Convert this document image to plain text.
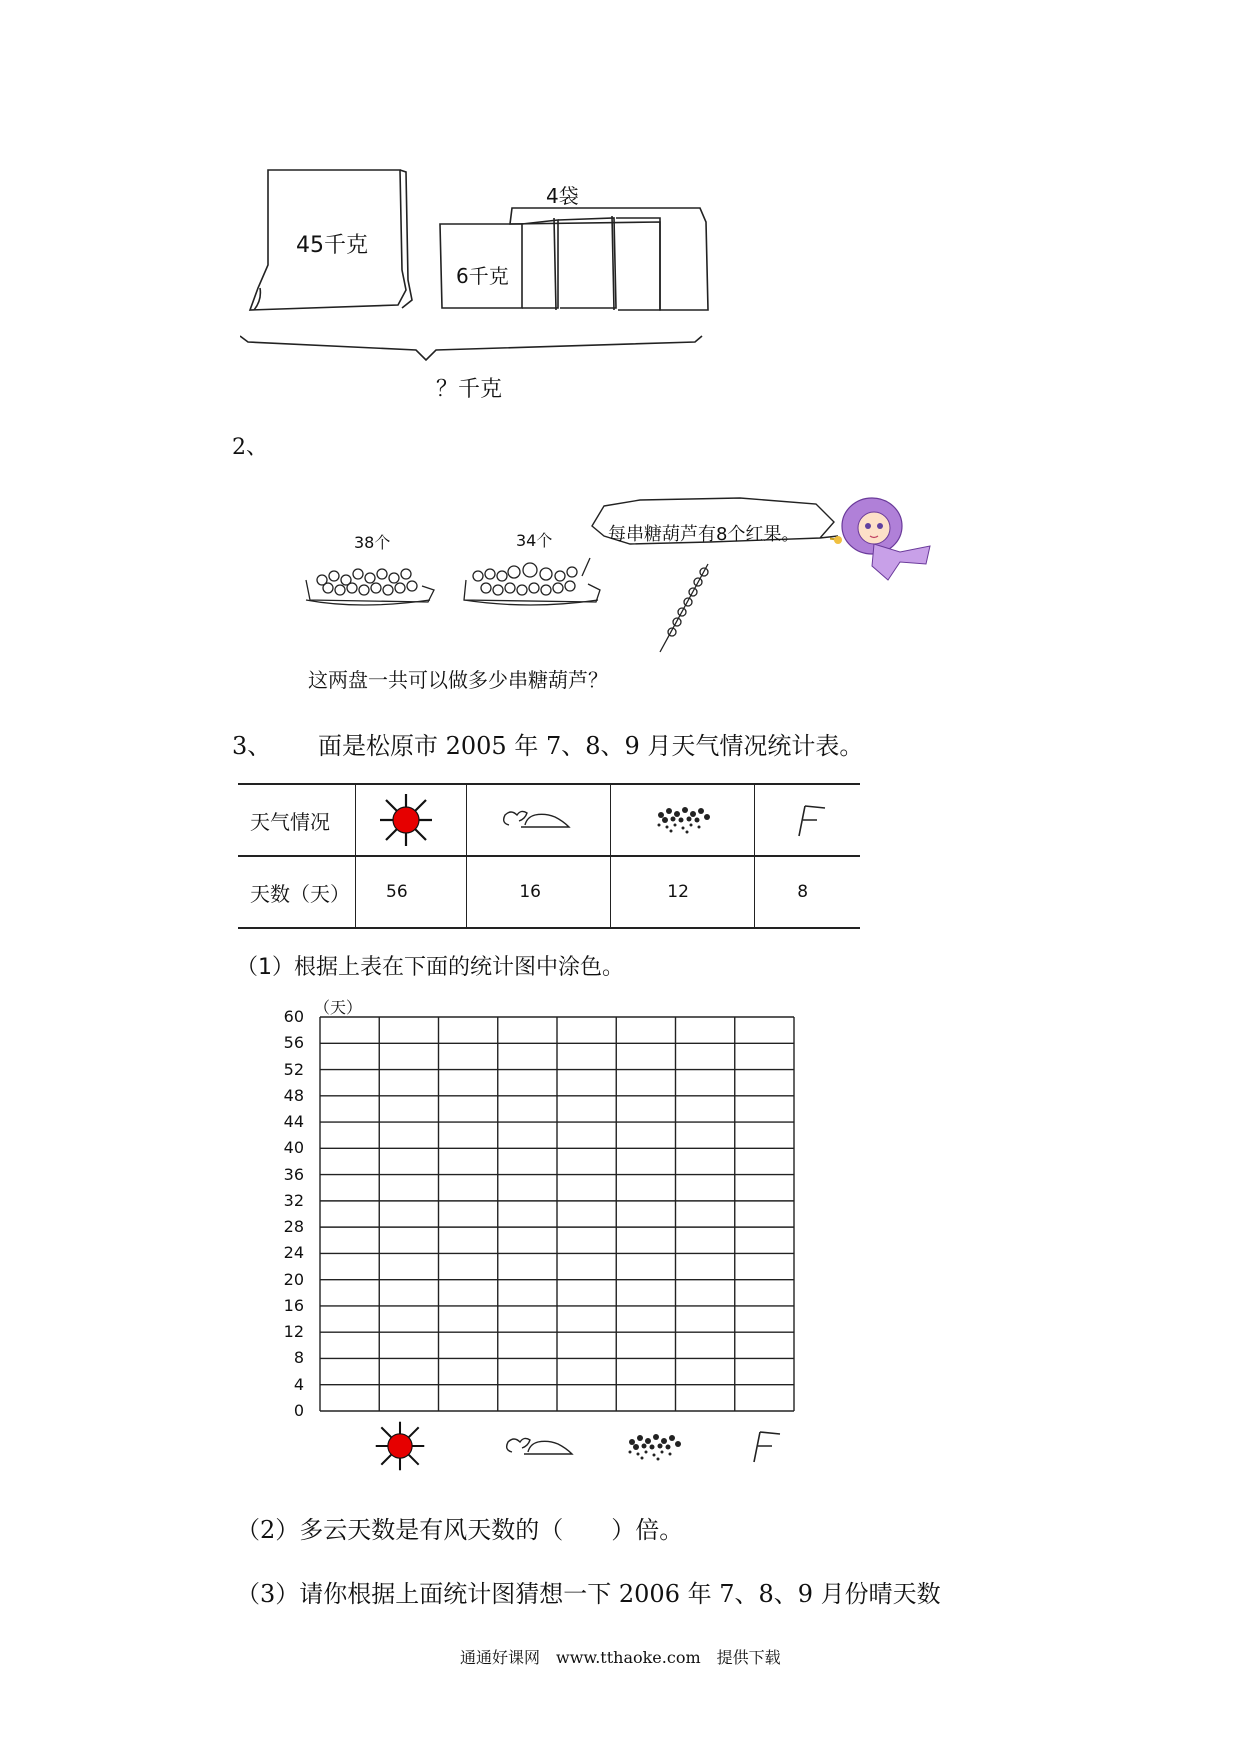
45千克
6千克
4袋
？千克
2、
38个	34个	每串糖葫芦有8个红果。
这两盘一共可以做多少串糖葫芦？
3、 面是松原市 2005 年 7、8、9 月天气情况统计表。
天气情况	

天数（天）	56	16	12	8
（1）根据上表在下面的统计图中涂色。
（天）
0
4
8
12
16
20
24
28
32
36
40
44
48
52
56
60
（2）多云天数是有风天数的（　　）倍。
（3）请你根据上面统计图猜想一下 2006 年 7、8、9 月份晴天数
通通好课网　www.tthaoke.com　提供下载
